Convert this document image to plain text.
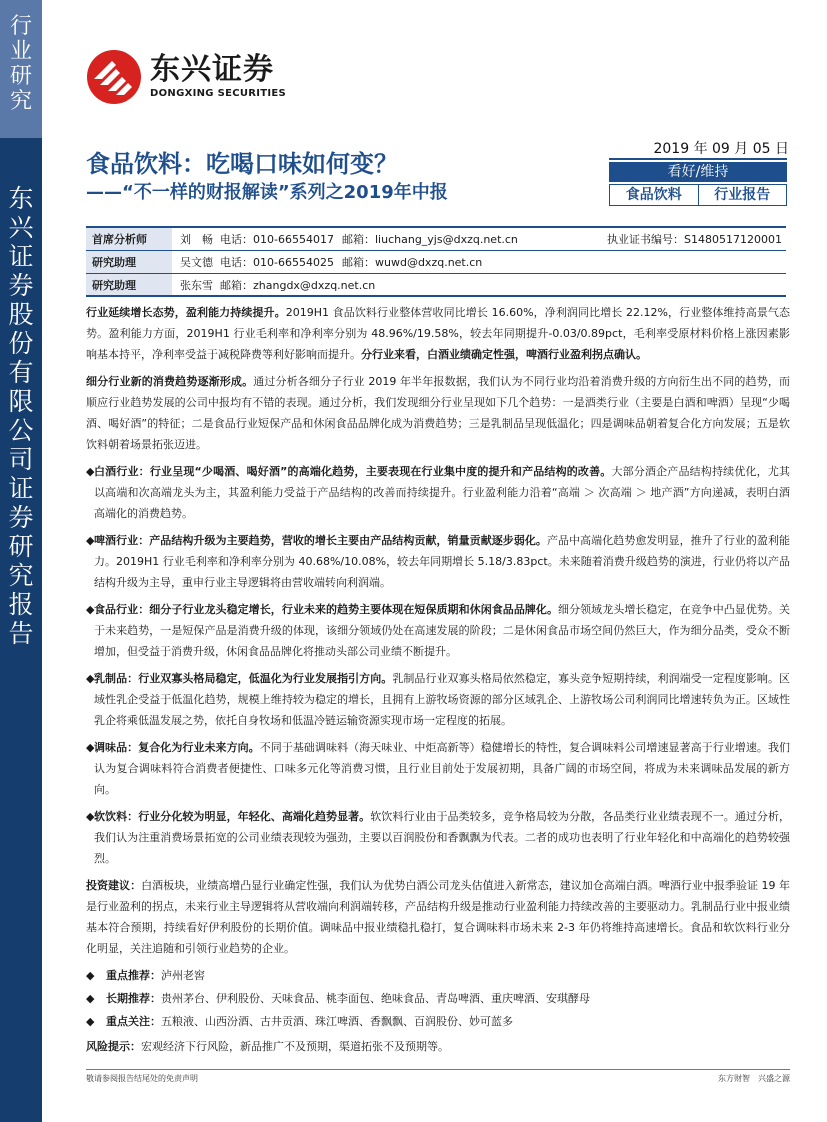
行
业
研
究
东
兴
证
券
股
份
有
限
公
司
证
券
研
究
报
告
东兴证券
DONGXING SECURITIES
食品饮料：吃喝口味如何变？
——“不一样的财报解读”系列之2019年中报
2019 年 09 月 05 日
看好/维持
食品饮料	行业报告
首席分析师	刘　畅 电话：010-66554017 邮箱：liuchang_yjs@dxzq.net.cn	执业证书编号：S1480517120001
研究助理	吴文德 电话：010-66554025 邮箱：wuwd@dxzq.net.cn
研究助理	张东雪 邮箱：zhangdx@dxzq.net.cn

行业延续增长态势，盈利能力持续提升。2019H1 食品饮料行业整体营收同比增长 16.60%，净利润同比增长 22.12%，行业整体维持高景气态势。盈利能力方面，2019H1 行业毛利率和净利率分别为 48.96%/19.58%，较去年同期提升-0.03/0.89pct，毛利率受原材料价格上涨因素影响基本持平，净利率受益于减税降费等利好影响而提升。分行业来看，白酒业绩确定性强，啤酒行业盈利拐点确认。

细分行业新的消费趋势逐渐形成。通过分析各细分子行业 2019 年半年报数据，我们认为不同行业均沿着消费升级的方向衍生出不同的趋势，而顺应行业趋势发展的公司中报均有不错的表现。通过分析，我们发现细分行业呈现如下几个趋势：一是酒类行业（主要是白酒和啤酒）呈现“少喝酒、喝好酒”的特征；二是食品行业短保产品和休闲食品品牌化成为消费趋势；三是乳制品呈现低温化；四是调味品朝着复合化方向发展；五是软饮料朝着场景拓张迈进。

◆ 白酒行业：行业呈现“少喝酒、喝好酒”的高端化趋势，主要表现在行业集中度的提升和产品结构的改善。大部分酒企产品结构持续优化，尤其以高端和次高端龙头为主，其盈利能力受益于产品结构的改善而持续提升。行业盈利能力沿着“高端 ＞ 次高端 ＞ 地产酒”方向递减，表明白酒高端化的消费趋势。

◆ 啤酒行业：产品结构升级为主要趋势，营收的增长主要由产品结构贡献，销量贡献逐步弱化。产品中高端化趋势愈发明显，推升了行业的盈利能力。2019H1 行业毛利率和净利率分别为 40.68%/10.08%，较去年同期增长 5.18/3.83pct。未来随着消费升级趋势的演进，行业仍将以产品结构升级为主导，重申行业主导逻辑将由营收端转向利润端。

◆ 食品行业：细分子行业龙头稳定增长，行业未来的趋势主要体现在短保质期和休闲食品品牌化。细分领域龙头增长稳定，在竞争中凸显优势。关于未来趋势，一是短保产品是消费升级的体现，该细分领域仍处在高速发展的阶段；二是休闲食品市场空间仍然巨大，作为细分品类，受众不断增加，但受益于消费升级，休闲食品品牌化将推动头部公司业绩不断提升。

◆ 乳制品：行业双寡头格局稳定，低温化为行业发展指引方向。乳制品行业双寡头格局依然稳定，寡头竞争短期持续，利润端受一定程度影响。区域性乳企受益于低温化趋势，规模上维持较为稳定的增长，且拥有上游牧场资源的部分区域乳企、上游牧场公司利润同比增速转负为正。区域性乳企将乘低温发展之势，依托自身牧场和低温冷链运输资源实现市场一定程度的拓展。

◆ 调味品：复合化为行业未来方向。不同于基础调味料（海天味业、中炬高新等）稳健增长的特性，复合调味料公司增速显著高于行业增速。我们认为复合调味料符合消费者便捷性、口味多元化等消费习惯，且行业目前处于发展初期，具备广阔的市场空间，将成为未来调味品发展的新方向。

◆ 软饮料：行业分化较为明显，年轻化、高端化趋势显著。软饮料行业由于品类较多，竞争格局较为分散，各品类行业业绩表现不一。通过分析，我们认为注重消费场景拓宽的公司业绩表现较为强劲，主要以百润股份和香飘飘为代表。二者的成功也表明了行业年轻化和中高端化的趋势较强烈。

投资建议：白酒板块，业绩高增凸显行业确定性强，我们认为优势白酒公司龙头估值进入新常态，建议加仓高端白酒。啤酒行业中报季验证 19 年是行业盈利的拐点，未来行业主导逻辑将从营收端向利润端转移，产品结构升级是推动行业盈利能力持续改善的主要驱动力。乳制品行业中报业绩基本符合预期，持续看好伊利股份的长期价值。调味品中报业绩稳扎稳打，复合调味料市场未来 2-3 年仍将维持高速增长。食品和软饮料行业分化明显，关注追随和引领行业趋势的企业。

◆ 重点推荐：泸州老窖
◆ 长期推荐：贵州茅台、伊利股份、天味食品、桃李面包、绝味食品、青岛啤酒、重庆啤酒、安琪酵母
◆ 重点关注：五粮液、山西汾酒、古井贡酒、珠江啤酒、香飘飘、百润股份、妙可蓝多

风险提示：宏观经济下行风险，新品推广不及预期，渠道拓张不及预期等。

敬请参阅报告结尾处的免责声明	东方财智　兴盛之源
